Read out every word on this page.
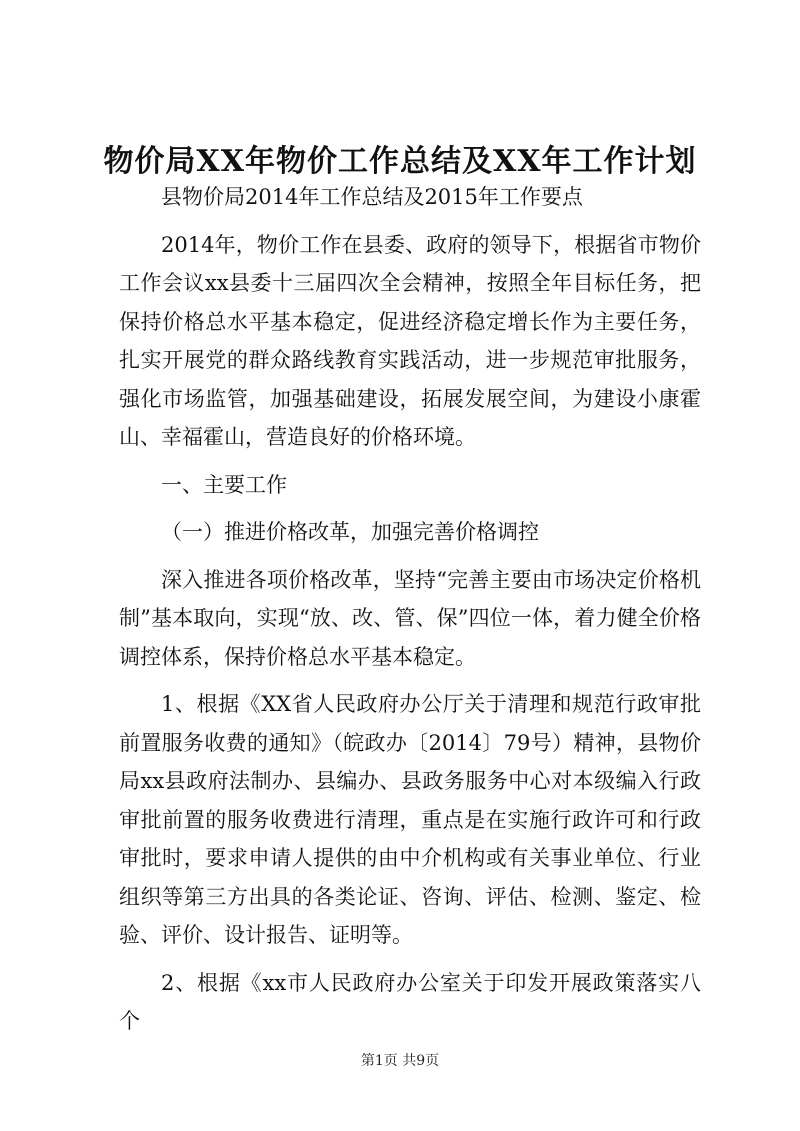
物价局XX年物价工作总结及XX年工作计划

县物价局2014年工作总结及2015年工作要点

2014年，物价工作在县委、政府的领导下，根据省市物价工作会议xx县委十三届四次全会精神，按照全年目标任务，把保持价格总水平基本稳定，促进经济稳定增长作为主要任务，扎实开展党的群众路线教育实践活动，进一步规范审批服务，强化市场监管，加强基础建设，拓展发展空间，为建设小康霍山、幸福霍山，营造良好的价格环境。

一、主要工作

（一）推进价格改革，加强完善价格调控

深入推进各项价格改革，坚持“完善主要由市场决定价格机制”基本取向，实现“放、改、管、保”四位一体，着力健全价格调控体系，保持价格总水平基本稳定。

1、根据《XX省人民政府办公厅关于清理和规范行政审批前置服务收费的通知》（皖政办〔2014〕79号）精神，县物价局xx县政府法制办、县编办、县政务服务中心对本级编入行政审批前置的服务收费进行清理，重点是在实施行政许可和行政审批时，要求申请人提供的由中介机构或有关事业单位、行业组织等第三方出具的各类论证、咨询、评估、检测、鉴定、检验、评价、设计报告、证明等。

2、根据《xx市人民政府办公室关于印发开展政策落实八个

第1页 共9页
